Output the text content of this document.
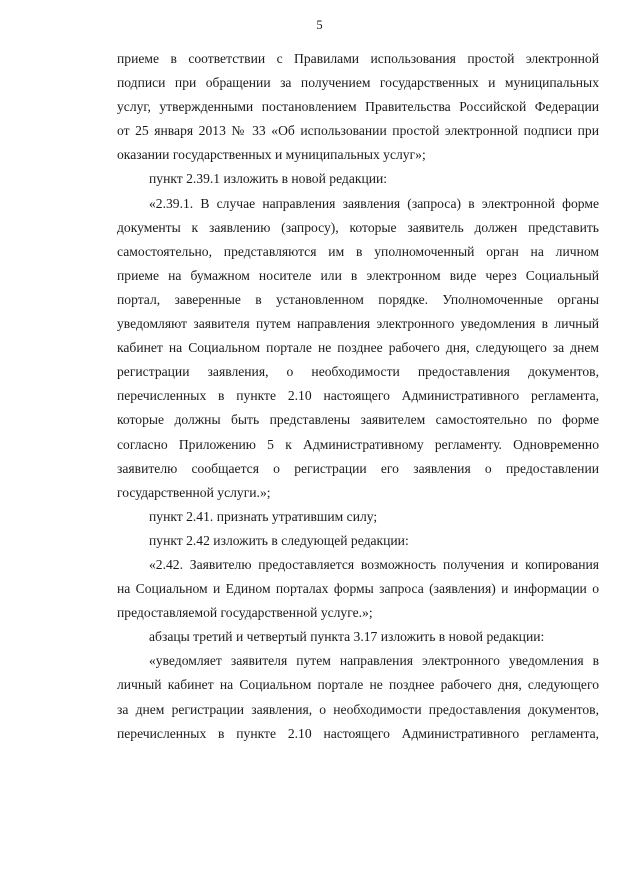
5
приеме в соответствии с Правилами использования простой электронной
подписи при обращении за получением государственных и муниципальных
услуг, утвержденными постановлением Правительства Российской Федерации
от 25 января 2013 № 33 «Об использовании простой электронной подписи при
оказании государственных и муниципальных услуг»;
пункт 2.39.1 изложить в новой редакции:
«2.39.1. В случае направления заявления (запроса) в электронной форме
документы к заявлению (запросу), которые заявитель должен представить
самостоятельно, представляются им в уполномоченный орган на личном
приеме на бумажном носителе или в электронном виде через Социальный
портал, заверенные в установленном порядке. Уполномоченные органы
уведомляют заявителя путем направления электронного уведомления в личный
кабинет на Социальном портале не позднее рабочего дня, следующего за днем
регистрации заявления, о необходимости предоставления документов,
перечисленных в пункте 2.10 настоящего Административного регламента,
которые должны быть представлены заявителем самостоятельно по форме
согласно Приложению 5 к Административному регламенту. Одновременно
заявителю сообщается о регистрации его заявления о предоставлении
государственной услуги.»;
пункт 2.41. признать утратившим силу;
пункт 2.42 изложить в следующей редакции:
«2.42. Заявителю предоставляется возможность получения и копирования
на Социальном и Едином порталах формы запроса (заявления) и информации о
предоставляемой государственной услуге.»;
абзацы третий и четвертый пункта 3.17 изложить в новой редакции:
«уведомляет заявителя путем направления электронного уведомления в
личный кабинет на Социальном портале не позднее рабочего дня, следующего
за днем регистрации заявления, о необходимости предоставления документов,
перечисленных в пункте 2.10 настоящего Административного регламента,
